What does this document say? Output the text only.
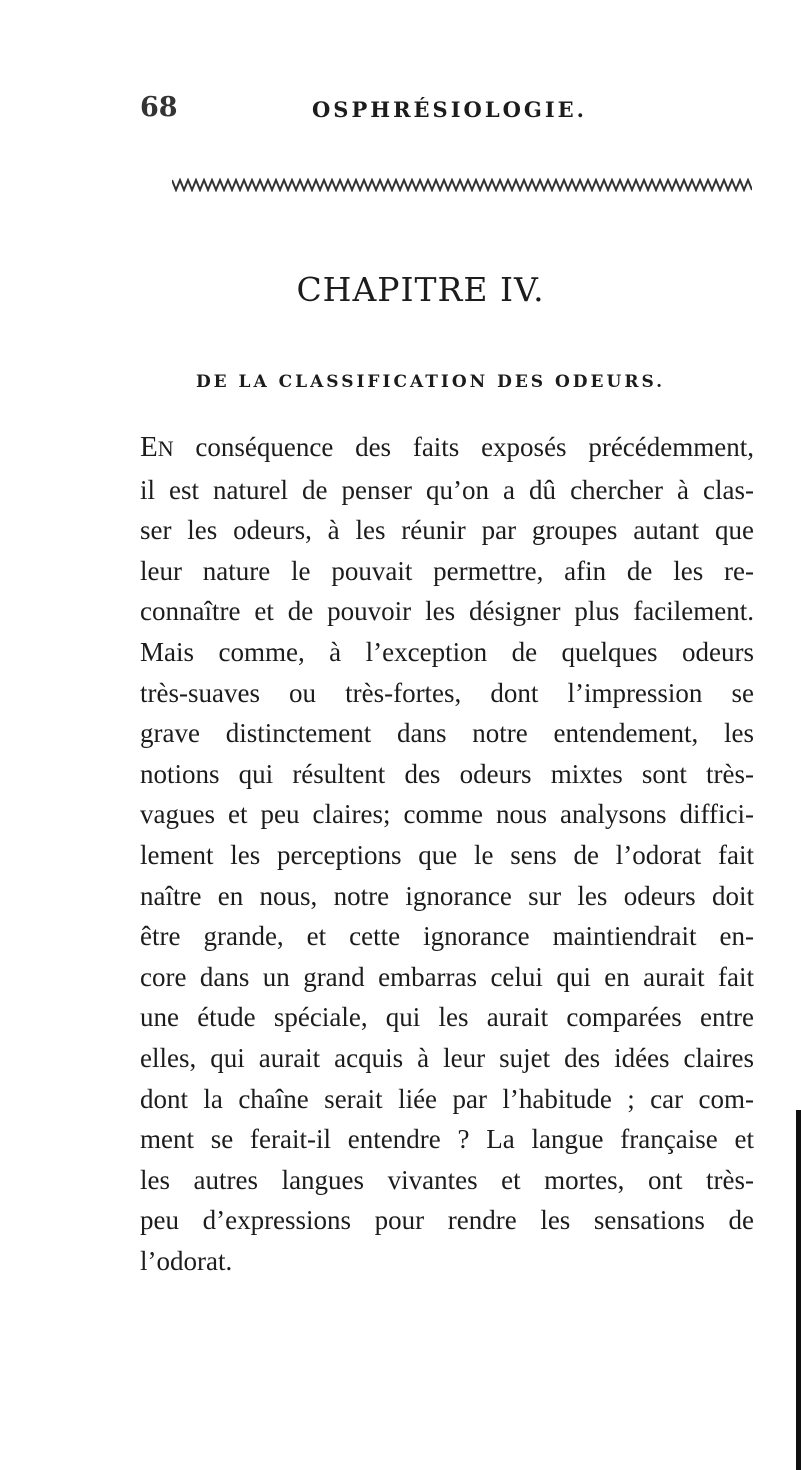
68	OSPHRÉSIOLOGIE.
CHAPITRE IV.
DE LA CLASSIFICATION DES ODEURS.
EN conséquence des faits exposés précédemment,
il est naturel de penser qu’on a dû chercher à clas-
ser les odeurs, à les réunir par groupes autant que
leur nature le pouvait permettre, afin de les re-
connaître et de pouvoir les désigner plus facilement.
Mais comme, à l’exception de quelques odeurs
très-suaves ou très-fortes, dont l’impression se
grave distinctement dans notre entendement, les
notions qui résultent des odeurs mixtes sont très-
vagues et peu claires; comme nous analysons diffici-
lement les perceptions que le sens de l’odorat fait
naître en nous, notre ignorance sur les odeurs doit
être grande, et cette ignorance maintiendrait en-
core dans un grand embarras celui qui en aurait fait
une étude spéciale, qui les aurait comparées entre
elles, qui aurait acquis à leur sujet des idées claires
dont la chaîne serait liée par l’habitude ; car com-
ment se ferait-il entendre ? La langue française et
les autres langues vivantes et mortes, ont très-
peu d’expressions pour rendre les sensations de
l’odorat.
